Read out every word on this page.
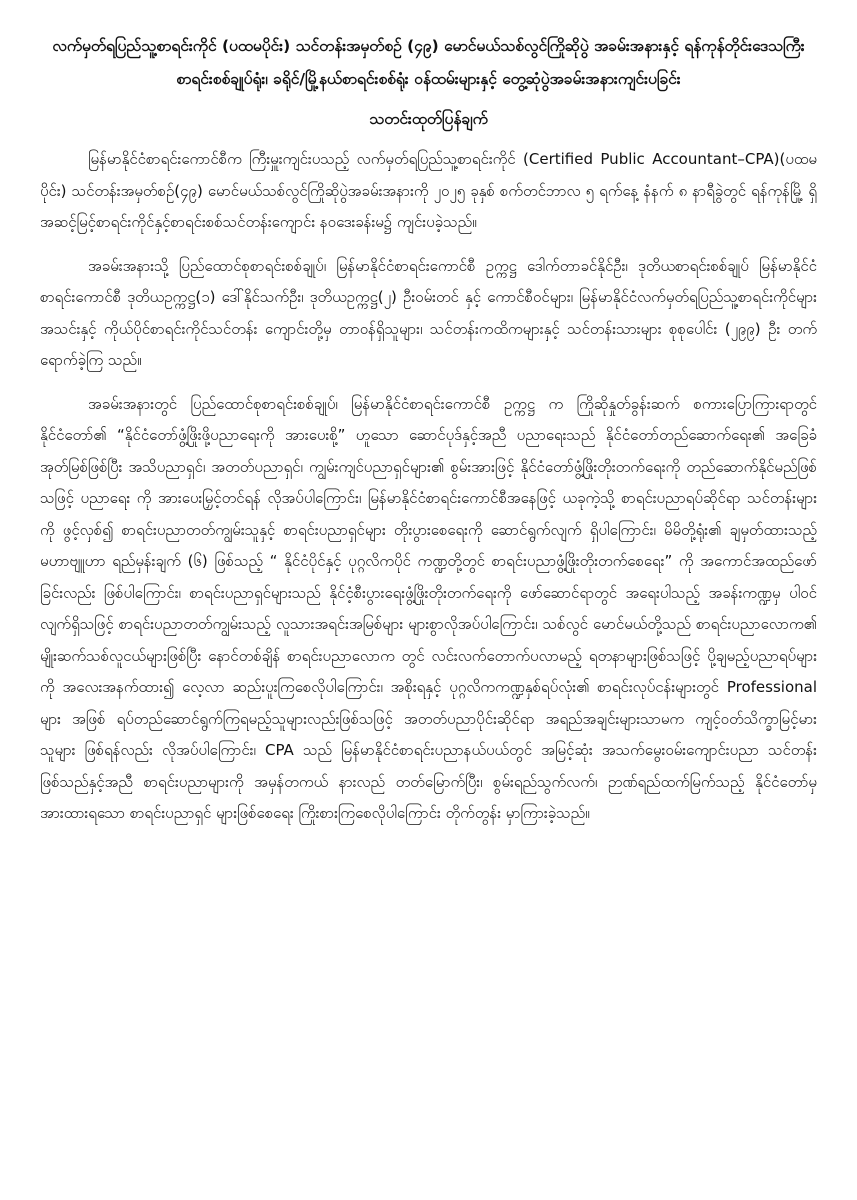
လက်မှတ်ရပြည်သူ့စာရင်းကိုင် (ပထမပိုင်း) သင်တန်းအမှတ်စဉ် (၄၉) မောင်မယ်သစ်လွင်ကြိုဆိုပွဲ အခမ်းအနားနှင့် ရန်ကုန်တိုင်းဒေသကြီးစာရင်းစစ်ချုပ်ရုံး၊ ခရိုင်/မြို့နယ်စာရင်းစစ်ရုံး ဝန်ထမ်းများနှင့် တွေ့ဆုံပွဲအခမ်းအနားကျင်းပခြင်း
သတင်းထုတ်ပြန်ချက်

မြန်မာနိုင်ငံစာရင်းကောင်စီက ကြီးမှူးကျင်းပသည့် လက်မှတ်ရပြည်သူ့စာရင်းကိုင် (Certified Public Accountant–CPA)(ပထမပိုင်း) သင်တန်းအမှတ်စဉ်(၄၉) မောင်မယ်သစ်လွင်ကြိုဆိုပွဲအခမ်းအနားကို ၂၀၂၅ ခုနှစ် စက်တင်ဘာလ ၅ ရက်နေ့ နံနက် ၈ နာရီခွဲတွင် ရန်ကုန်မြို့ ရှိ အဆင့်မြင့်စာရင်းကိုင်နှင့်စာရင်းစစ်သင်တန်းကျောင်း နဝဒေးခန်းမ၌ ကျင်းပခဲ့သည်။

အခမ်းအနားသို့ ပြည်ထောင်စုစာရင်းစစ်ချုပ်၊ မြန်မာနိုင်ငံစာရင်းကောင်စီ ဥက္ကဋ္ဌ ဒေါက်တာခင်နိုင်ဦး၊ ဒုတိယစာရင်းစစ်ချုပ် မြန်မာနိုင်ငံစာရင်းကောင်စီ ဒုတိယဥက္ကဋ္ဌ(၁) ဒေါ်နိုင်သက်ဦး၊ ဒုတိယဥက္ကဋ္ဌ(၂) ဦးဝမ်းတင် နှင့် ကောင်စီဝင်များ၊ မြန်မာနိုင်ငံလက်မှတ်ရပြည်သူ့စာရင်းကိုင်များအသင်းနှင့် ကိုယ်ပိုင်စာရင်းကိုင်သင်တန်း ကျောင်းတို့မှ တာဝန်ရှိသူများ၊ သင်တန်းကထိကများနှင့် သင်တန်းသားများ စုစုပေါင်း (၂၉၉) ဦး တက်ရောက်ခဲ့ကြ သည်။

အခမ်းအနားတွင် ပြည်ထောင်စုစာရင်းစစ်ချုပ်၊ မြန်မာနိုင်ငံစာရင်းကောင်စီ ဥက္ကဋ္ဌ က ကြိုဆိုနှုတ်ခွန်းဆက် စကားပြောကြားရာတွင် နိုင်ငံတော်၏ “နိုင်ငံတော်ဖွံ့ဖြိုးဖို့ပညာရေးကို အားပေးစို့” ဟူသော ဆောင်ပုဒ်နှင့်အညီ ပညာရေးသည် နိုင်ငံတော်တည်ဆောက်ရေး၏ အခြေခံ အုတ်မြစ်ဖြစ်ပြီး အသိပညာရှင်၊ အတတ်ပညာရှင်၊ ကျွမ်းကျင်ပညာရှင်များ၏ စွမ်းအားဖြင့် နိုင်ငံတော်ဖွံ့ဖြိုးတိုးတက်ရေးကို တည်ဆောက်နိုင်မည်ဖြစ်သဖြင့် ပညာရေး ကို အားပေးမြှင့်တင်ရန် လိုအပ်ပါကြောင်း၊ မြန်မာနိုင်ငံစာရင်းကောင်စီအနေဖြင့် ယခုကဲ့သို့ စာရင်းပညာရပ်ဆိုင်ရာ သင်တန်းများကို ဖွင့်လှစ်၍ စာရင်းပညာတတ်ကျွမ်းသူနှင့် စာရင်းပညာရှင်များ တိုးပွားစေရေးကို ဆောင်ရွက်လျက် ရှိပါကြောင်း၊ မိမိတို့ရုံး၏ ချမှတ်ထားသည့် မဟာဗျူဟာ ရည်မှန်းချက် (၆) ဖြစ်သည့် “ နိုင်ငံပိုင်နှင့် ပုဂ္ဂလိကပိုင် ကဏ္ဍတို့တွင် စာရင်းပညာဖွံ့ဖြိုးတိုးတက်စေရေး” ကို အကောင်အထည်ဖော်ခြင်းလည်း ဖြစ်ပါကြောင်း၊ စာရင်းပညာရှင်များသည် နိုင်ငံ့စီးပွားရေးဖွံ့ဖြိုးတိုးတက်ရေးကို ဖော်ဆောင်ရာတွင် အရေးပါသည့် အခန်းကဏ္ဍမှ ပါဝင်လျက်ရှိသဖြင့် စာရင်းပညာတတ်ကျွမ်းသည့် လူသားအရင်းအမြစ်များ များစွာလိုအပ်ပါကြောင်း၊ သစ်လွင် မောင်မယ်တို့သည် စာရင်းပညာလောက၏ မျိုးဆက်သစ်လူငယ်များဖြစ်ပြီး နောင်တစ်ချိန် စာရင်းပညာလောက တွင် လင်းလက်တောက်ပလာမည့် ရတနာများဖြစ်သဖြင့် ပို့ချမည့်ပညာရပ်များကို အလေးအနက်ထား၍ လေ့လာ ဆည်းပူးကြစေလိုပါကြောင်း၊ အစိုးရနှင့် ပုဂ္ဂလိကကဏ္ဍနှစ်ရပ်လုံး၏ စာရင်းလုပ်ငန်းများတွင် Professional များ အဖြစ် ရပ်တည်ဆောင်ရွက်ကြရမည့်သူများလည်းဖြစ်သဖြင့် အတတ်ပညာပိုင်းဆိုင်ရာ အရည်အချင်းများသာမက ကျင့်ဝတ်သိက္ခာမြင့်မားသူများ ဖြစ်ရန်လည်း လိုအပ်ပါကြောင်း၊ CPA သည် မြန်မာနိုင်ငံစာရင်းပညာနယ်ပယ်တွင် အမြင့်ဆုံး အသက်မွေးဝမ်းကျောင်းပညာ သင်တန်းဖြစ်သည်နှင့်အညီ စာရင်းပညာများကို အမှန်တကယ် နားလည် တတ်မြောက်ပြီး၊ စွမ်းရည်သွက်လက်၊ ဉာဏ်ရည်ထက်မြက်သည့် နိုင်ငံတော်မှ အားထားရသော စာရင်းပညာရှင် များဖြစ်စေရေး ကြိုးစားကြစေလိုပါကြောင်း တိုက်တွန်း မှာကြားခဲ့သည်။
